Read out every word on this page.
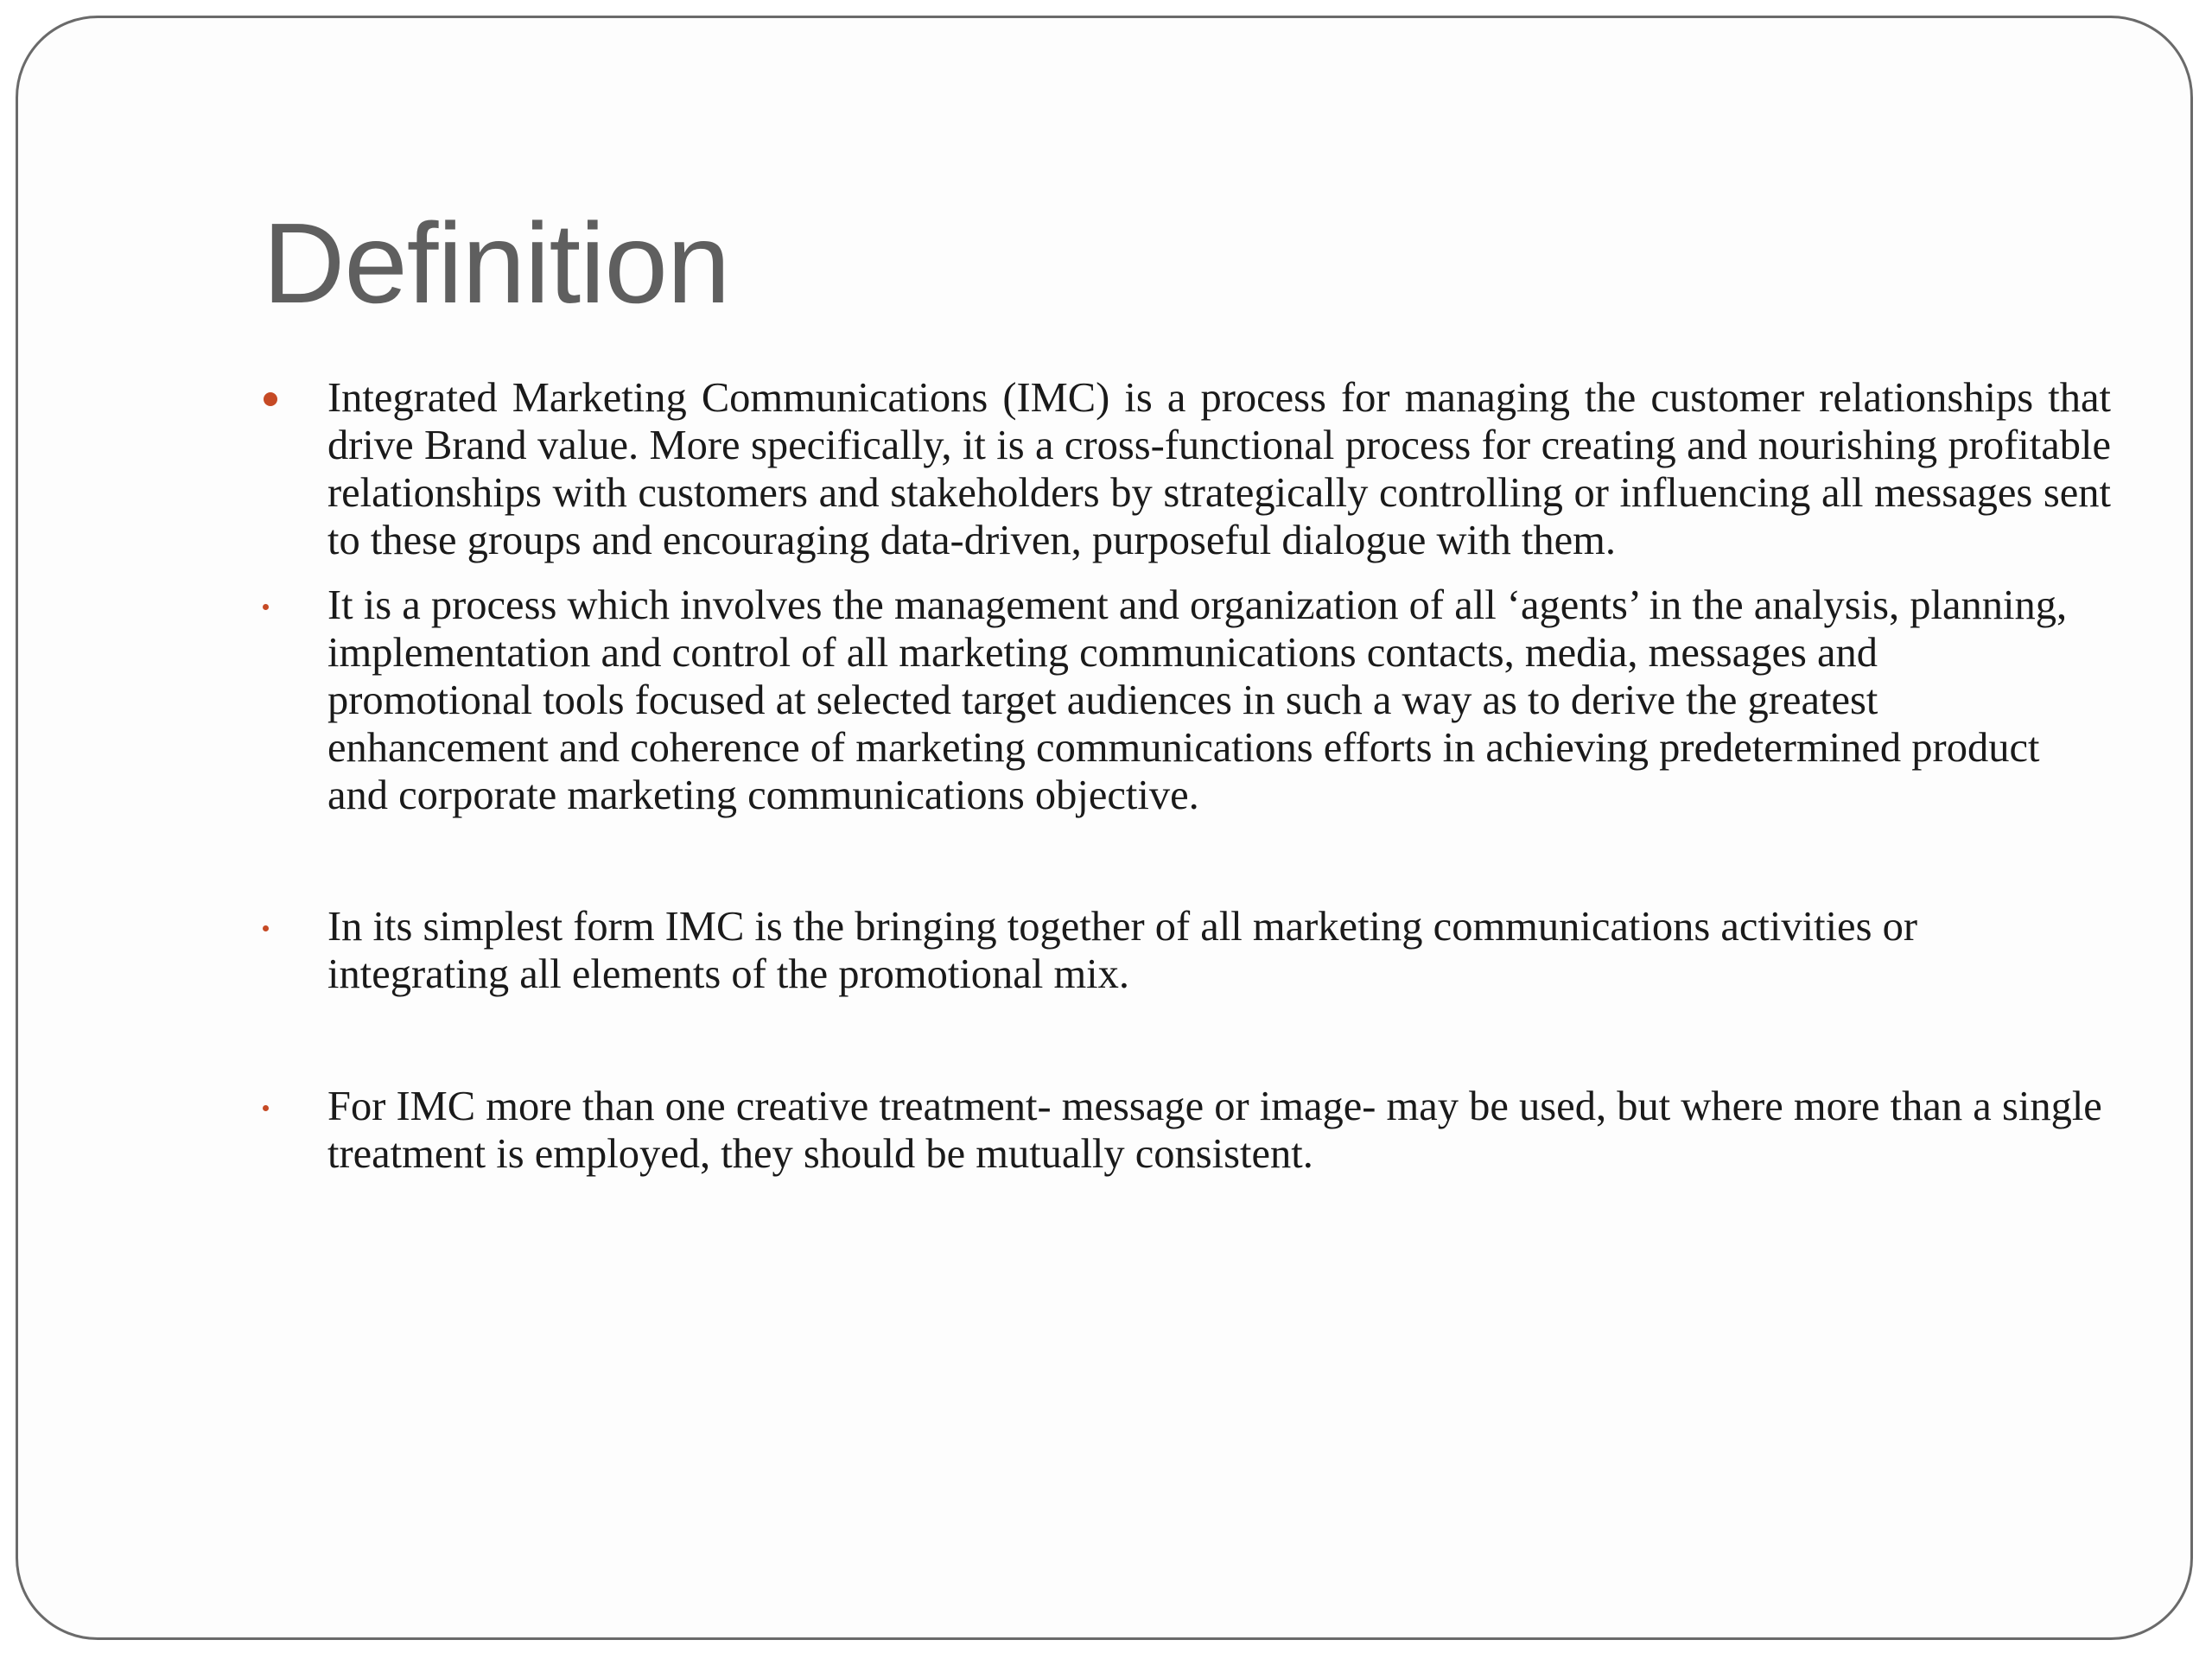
Definition

Integrated Marketing Communications (IMC) is a process for managing the customer relationships that drive Brand value. More specifically, it is a cross-functional process for creating and nourishing profitable relationships with customers and stakeholders by strategically controlling or influencing all messages sent to these groups and encouraging data-driven, purposeful dialogue with them.

It is a process which involves the management and organization of all ‘agents’ in the analysis, planning, implementation and control of all marketing communications contacts, media, messages and promotional tools focused at selected target audiences in such a way as to derive the greatest enhancement and coherence of marketing communications efforts in achieving predetermined product and corporate marketing communications objective.

In its simplest form IMC is the bringing together of all marketing communications activities or integrating all elements of the promotional mix.

For IMC more than one creative treatment- message or image- may be used, but where more than a single treatment is employed, they should be mutually consistent.
